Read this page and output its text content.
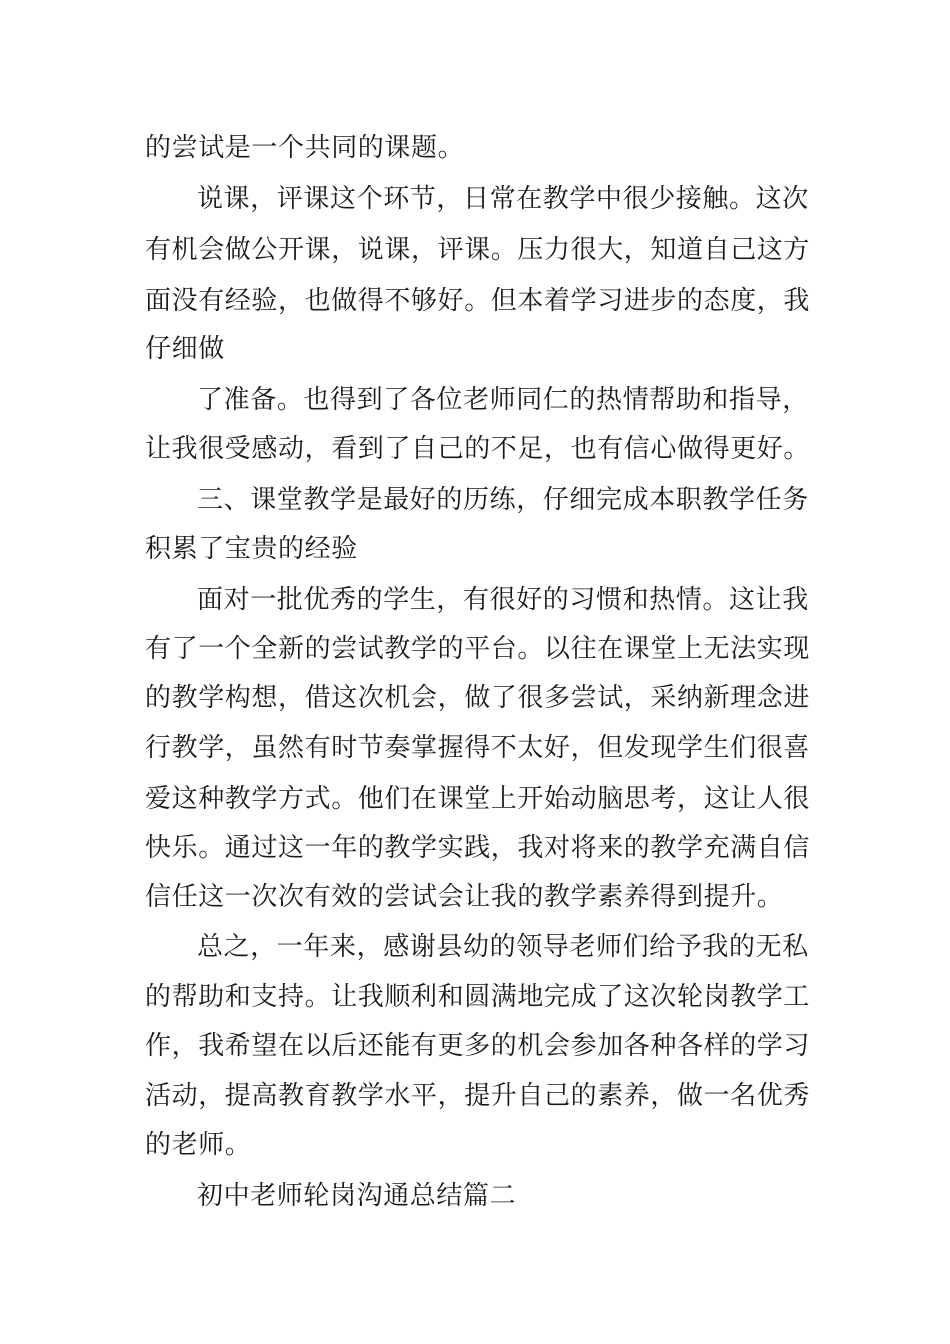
的尝试是一个共同的课题。
说课，评课这个环节，日常在教学中很少接触。这次
有机会做公开课，说课，评课。压力很大，知道自己这方
面没有经验，也做得不够好。但本着学习进步的态度，我
仔细做
了准备。也得到了各位老师同仁的热情帮助和指导，
让我很受感动，看到了自己的不足，也有信心做得更好。
三、课堂教学是最好的历练，仔细完成本职教学任务
积累了宝贵的经验
面对一批优秀的学生，有很好的习惯和热情。这让我
有了一个全新的尝试教学的平台。以往在课堂上无法实现
的教学构想，借这次机会，做了很多尝试，采纳新理念进
行教学，虽然有时节奏掌握得不太好，但发现学生们很喜
爱这种教学方式。他们在课堂上开始动脑思考，这让人很
快乐。通过这一年的教学实践，我对将来的教学充满自信
信任这一次次有效的尝试会让我的教学素养得到提升。
总之，一年来，感谢县幼的领导老师们给予我的无私
的帮助和支持。让我顺利和圆满地完成了这次轮岗教学工
作，我希望在以后还能有更多的机会参加各种各样的学习
活动，提高教育教学水平，提升自己的素养，做一名优秀
的老师。
初中老师轮岗沟通总结篇二
